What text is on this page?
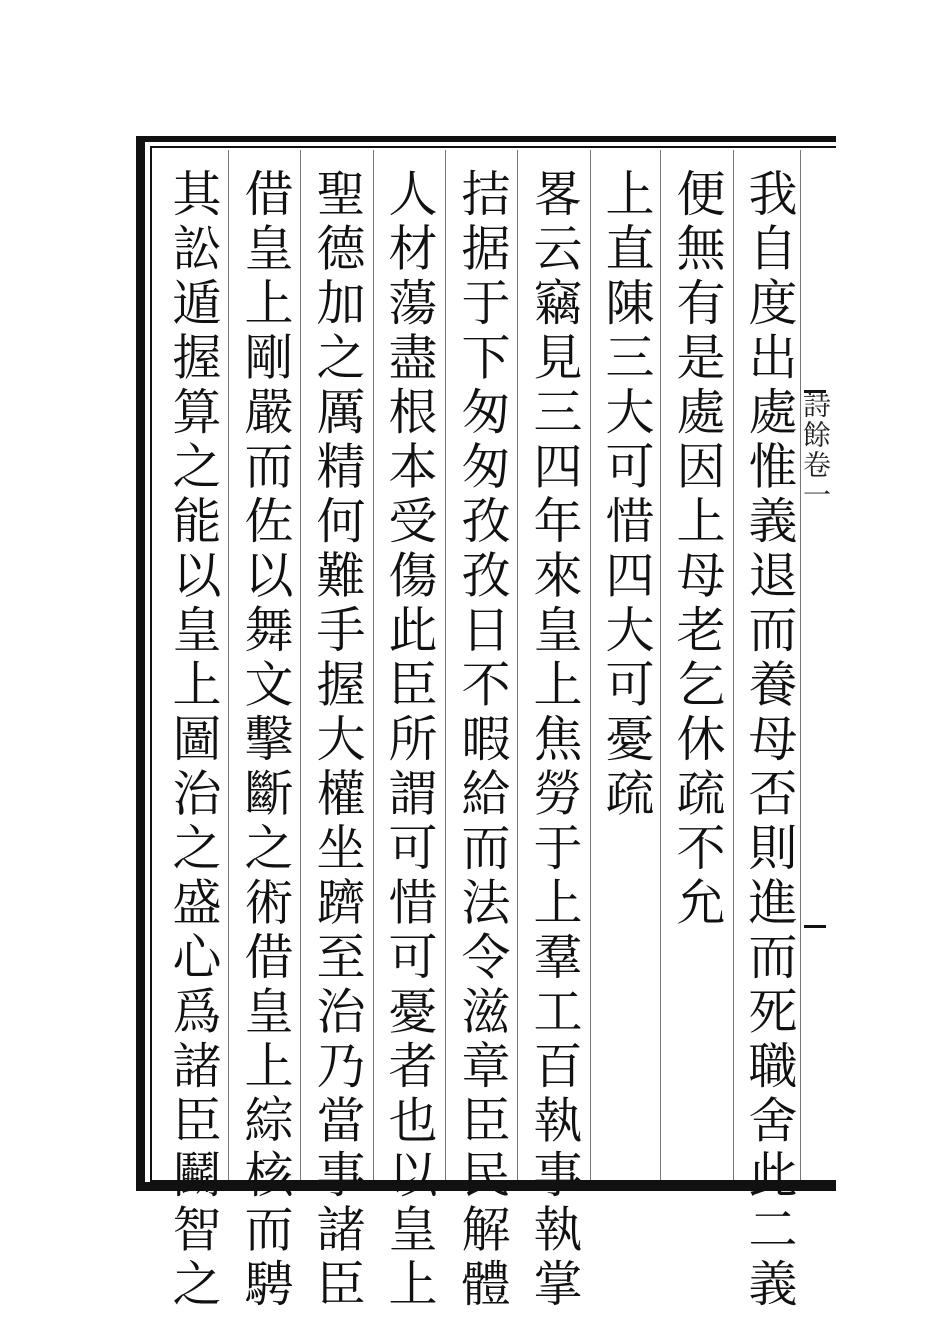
詩餘卷一
我自度出處惟義退而養母否則進而死職舍此二義
便無有是處因上母老乞休疏不允
上直陳三大可惜四大可憂疏
畧云竊見三四年來皇上焦勞于上羣工百執事執掌
拮据于下匆匆孜孜日不暇給而法令滋章臣民解體
人材蕩盡根本受傷此臣所謂可惜可憂者也以皇上
聖德加之厲精何難手握大權坐躋至治乃當事諸臣
借皇上剛嚴而佐以舞文擊斷之術借皇上綜核而騁
其訟遁握算之能以皇上圖治之盛心爲諸臣鬬智之
